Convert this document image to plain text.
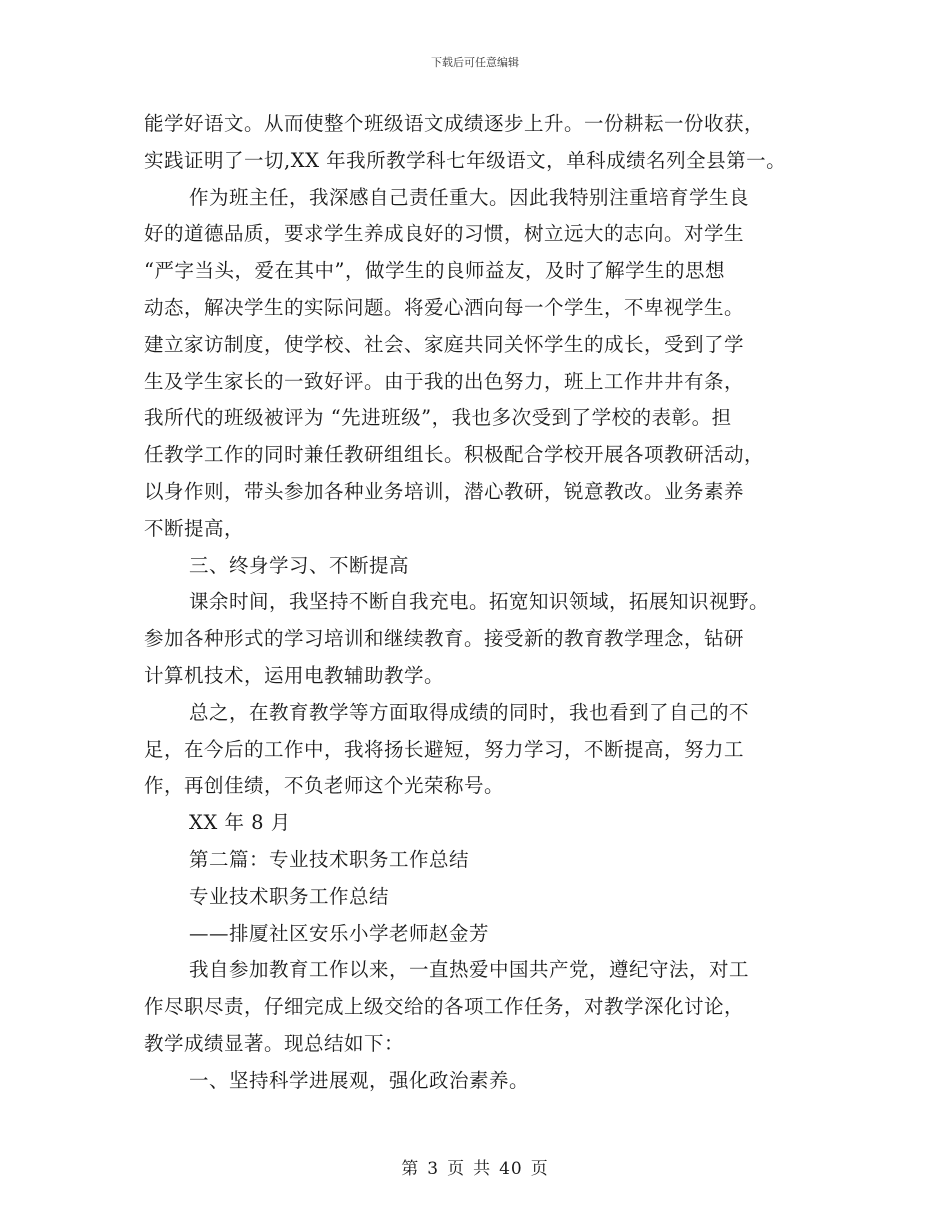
下载后可任意编辑
能学好语文。从而使整个班级语文成绩逐步上升。一份耕耘一份收获，
实践证明了一切,XX 年我所教学科七年级语文，单科成绩名列全县第一。
作为班主任，我深感自己责任重大。因此我特别注重培育学生良
好的道德品质，要求学生养成良好的习惯，树立远大的志向。对学生
“严字当头，爱在其中”，做学生的良师益友，及时了解学生的思想
动态，解决学生的实际问题。将爱心洒向每一个学生，不卑视学生。
建立家访制度，使学校、社会、家庭共同关怀学生的成长，受到了学
生及学生家长的一致好评。由于我的出色努力，班上工作井井有条，
我所代的班级被评为 “先进班级”，我也多次受到了学校的表彰。担
任教学工作的同时兼任教研组组长。积极配合学校开展各项教研活动，
以身作则，带头参加各种业务培训，潜心教研，锐意教改。业务素养
不断提高，
三、终身学习、不断提高
课余时间，我坚持不断自我充电。拓宽知识领域，拓展知识视野。
参加各种形式的学习培训和继续教育。接受新的教育教学理念，钻研
计算机技术，运用电教辅助教学。
总之，在教育教学等方面取得成绩的同时，我也看到了自己的不
足，在今后的工作中，我将扬长避短，努力学习，不断提高，努力工
作，再创佳绩，不负老师这个光荣称号。
XX 年 8 月
第二篇：专业技术职务工作总结
专业技术职务工作总结
——排厦社区安乐小学老师赵金芳
我自参加教育工作以来，一直热爱中国共产党，遵纪守法，对工
作尽职尽责，仔细完成上级交给的各项工作任务，对教学深化讨论，
教学成绩显著。现总结如下：
一、坚持科学进展观，强化政治素养。
第 3 页 共 40 页
